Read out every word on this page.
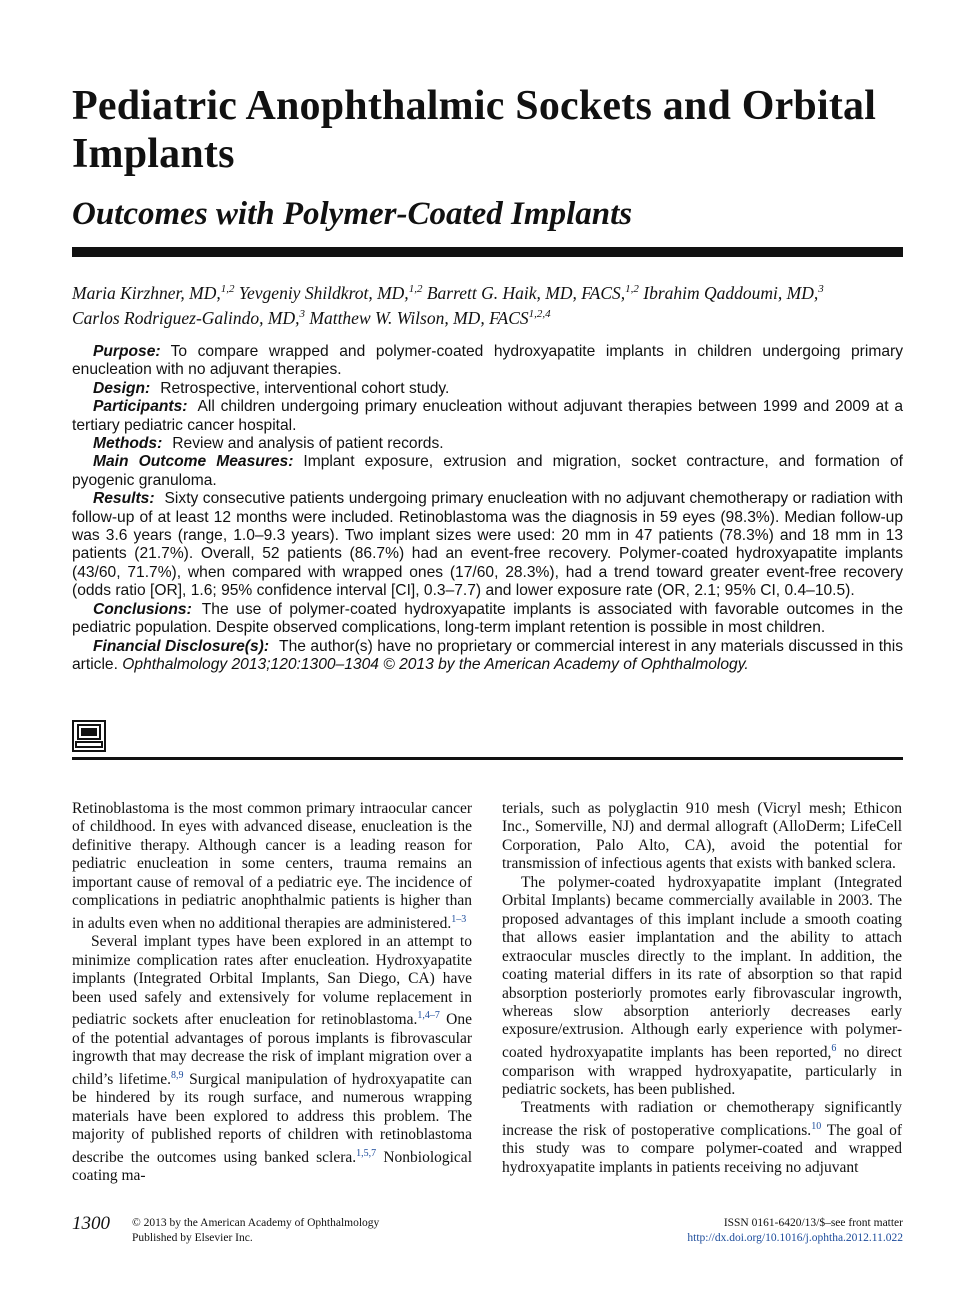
Pediatric Anophthalmic Sockets and Orbital Implants
Outcomes with Polymer-Coated Implants
Maria Kirzhner, MD,$^{1,2}$ Yevgeniy Shildkrot, MD,$^{1,2}$ Barrett G. Haik, MD, FACS,$^{1,2}$ Ibrahim Qaddoumi, MD,$^3$
Carlos Rodriguez-Galindo, MD,$^3$ Matthew W. Wilson, MD, FACS$^{1,2,4}$

Purpose: To compare wrapped and polymer-coated hydroxyapatite implants in children undergoing primary enucleation with no adjuvant therapies.

Design: Retrospective, interventional cohort study.

Participants: All children undergoing primary enucleation without adjuvant therapies between 1999 and 2009 at a tertiary pediatric cancer hospital.

Methods: Review and analysis of patient records.

Main Outcome Measures: Implant exposure, extrusion and migration, socket contracture, and formation of pyogenic granuloma.

Results: Sixty consecutive patients undergoing primary enucleation with no adjuvant chemotherapy or radiation with follow-up of at least 12 months were included. Retinoblastoma was the diagnosis in 59 eyes (98.3%). Median follow-up was 3.6 years (range, 1.0–9.3 years). Two implant sizes were used: 20 mm in 47 patients (78.3%) and 18 mm in 13 patients (21.7%). Overall, 52 patients (86.7%) had an event-free recovery. Polymer-coated hydroxyapatite implants (43/60, 71.7%), when compared with wrapped ones (17/60, 28.3%), had a trend toward greater event-free recovery (odds ratio [OR], 1.6; 95% confidence interval [CI], 0.3–7.7) and lower exposure rate (OR, 2.1; 95% CI, 0.4–10.5).

Conclusions: The use of polymer-coated hydroxyapatite implants is associated with favorable outcomes in the pediatric population. Despite observed complications, long-term implant retention is possible in most children.

Financial Disclosure(s): The author(s) have no proprietary or commercial interest in any materials discussed in this article. Ophthalmology 2013;120:1300–1304 © 2013 by the American Academy of Ophthalmology.

Retinoblastoma is the most common primary intraocular cancer of childhood. In eyes with advanced disease, enucleation is the definitive therapy. Although cancer is a leading reason for pediatric enucleation in some centers, trauma remains an important cause of removal of a pediatric eye. The incidence of complications in pediatric anophthalmic patients is higher than in adults even when no additional therapies are administered.$^{1-3}$

Several implant types have been explored in an attempt to minimize complication rates after enucleation. Hydroxyapatite implants (Integrated Orbital Implants, San Diego, CA) have been used safely and extensively for volume replacement in pediatric sockets after enucleation for retinoblastoma.$^{1,4-7}$ One of the potential advantages of porous implants is fibrovascular ingrowth that may decrease the risk of implant migration over a child’s lifetime.$^{8,9}$ Surgical manipulation of hydroxyapatite can be hindered by its rough surface, and numerous wrapping materials have been explored to address this problem. The majority of published reports of children with retinoblastoma describe the outcomes using banked sclera.$^{1,5,7}$ Nonbiological coating ma-

terials, such as polyglactin 910 mesh (Vicryl mesh; Ethicon Inc., Somerville, NJ) and dermal allograft (AlloDerm; LifeCell Corporation, Palo Alto, CA), avoid the potential for transmission of infectious agents that exists with banked sclera.

The polymer-coated hydroxyapatite implant (Integrated Orbital Implants) became commercially available in 2003. The proposed advantages of this implant include a smooth coating that allows easier implantation and the ability to attach extraocular muscles directly to the implant. In addition, the coating material differs in its rate of absorption so that rapid absorption posteriorly promotes early fibrovascular ingrowth, whereas slow absorption anteriorly decreases early exposure/extrusion. Although early experience with polymer-coated hydroxyapatite implants has been reported,$^6$ no direct comparison with wrapped hydroxyapatite, particularly in pediatric sockets, has been published.

Treatments with radiation or chemotherapy significantly increase the risk of postoperative complications.$^{10}$ The goal of this study was to compare polymer-coated and wrapped hydroxyapatite implants in patients receiving no adjuvant

1300 © 2013 by the American Academy of Ophthalmology
Published by Elsevier Inc.
ISSN 0161-6420/13/$–see front matter
http://dx.doi.org/10.1016/j.ophtha.2012.11.022
